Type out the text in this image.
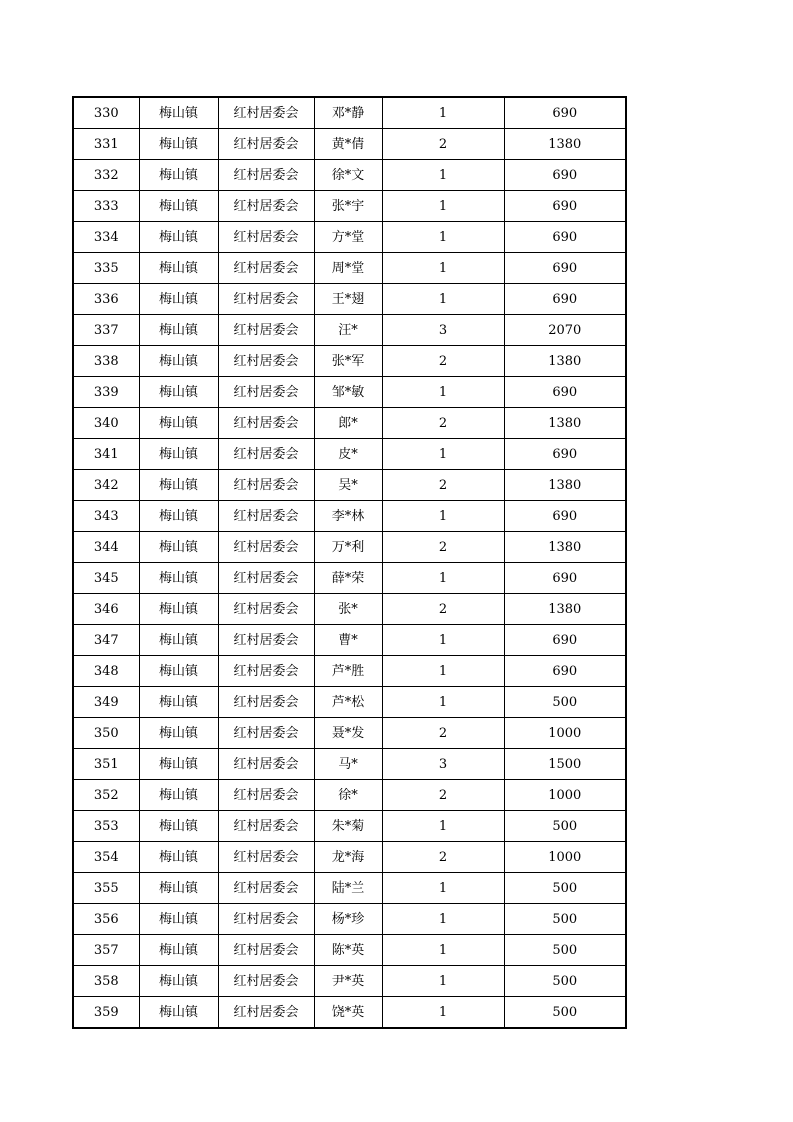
330	梅山镇	红村居委会	邓*静	1	690
331	梅山镇	红村居委会	黄*倩	2	1380
332	梅山镇	红村居委会	徐*文	1	690
333	梅山镇	红村居委会	张*宇	1	690
334	梅山镇	红村居委会	方*堂	1	690
335	梅山镇	红村居委会	周*堂	1	690
336	梅山镇	红村居委会	王*翅	1	690
337	梅山镇	红村居委会	汪*	3	2070
338	梅山镇	红村居委会	张*军	2	1380
339	梅山镇	红村居委会	邹*敏	1	690
340	梅山镇	红村居委会	郎*	2	1380
341	梅山镇	红村居委会	皮*	1	690
342	梅山镇	红村居委会	吴*	2	1380
343	梅山镇	红村居委会	李*林	1	690
344	梅山镇	红村居委会	万*利	2	1380
345	梅山镇	红村居委会	薛*荣	1	690
346	梅山镇	红村居委会	张*	2	1380
347	梅山镇	红村居委会	曹*	1	690
348	梅山镇	红村居委会	芦*胜	1	690
349	梅山镇	红村居委会	芦*松	1	500
350	梅山镇	红村居委会	聂*发	2	1000
351	梅山镇	红村居委会	马*	3	1500
352	梅山镇	红村居委会	徐*	2	1000
353	梅山镇	红村居委会	朱*菊	1	500
354	梅山镇	红村居委会	龙*海	2	1000
355	梅山镇	红村居委会	陆*兰	1	500
356	梅山镇	红村居委会	杨*珍	1	500
357	梅山镇	红村居委会	陈*英	1	500
358	梅山镇	红村居委会	尹*英	1	500
359	梅山镇	红村居委会	饶*英	1	500
